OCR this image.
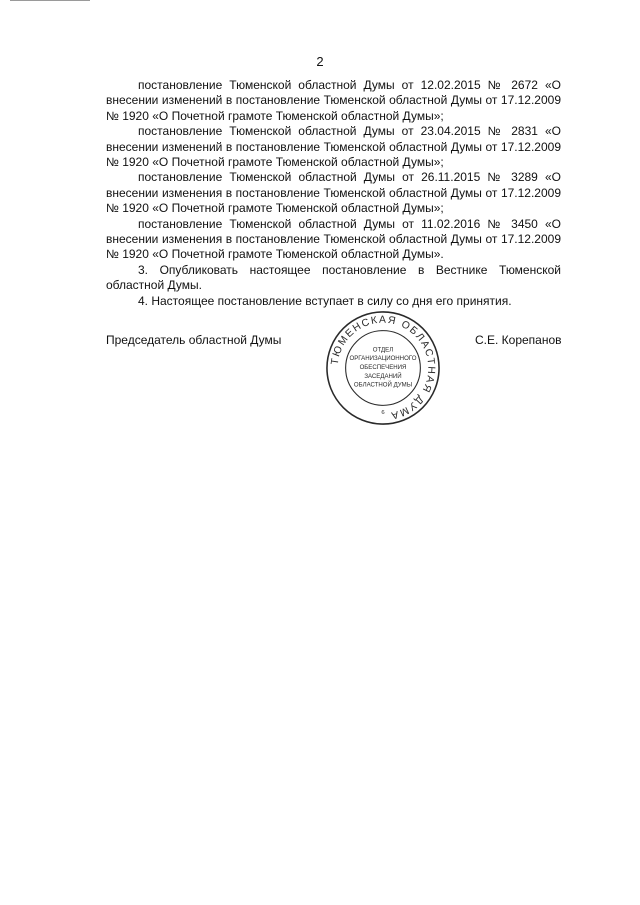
2

постановление Тюменской областной Думы от 12.02.2015 № 2672 «О внесении изменений в постановление Тюменской областной Думы от 17.12.2009 № 1920 «О Почетной грамоте Тюменской областной Думы»;

постановление Тюменской областной Думы от 23.04.2015 № 2831 «О внесении изменений в постановление Тюменской областной Думы от 17.12.2009 № 1920 «О Почетной грамоте Тюменской областной Думы»;

постановление Тюменской областной Думы от 26.11.2015 № 3289 «О внесении изменения в постановление Тюменской областной Думы от 17.12.2009 № 1920 «О Почетной грамоте Тюменской областной Думы»;

постановление Тюменской областной Думы от 11.02.2016 № 3450 «О внесении изменения в постановление Тюменской областной Думы от 17.12.2009 № 1920 «О Почетной грамоте Тюменской областной Думы».

3. Опубликовать настоящее постановление в Вестнике Тюменской областной Думы.

4. Настоящее постановление вступает в силу со дня его принятия.

Председатель областной Думы	С.Е. Корепанов
ТЮМЕНСКАЯ ОБЛАСТНАЯ ДУМА
ОТДЕЛ
ОРГАНИЗАЦИОННОГО
ОБЕСПЕЧЕНИЯ
ЗАСЕДАНИЙ
ОБЛАСТНОЙ ДУМЫ
6
